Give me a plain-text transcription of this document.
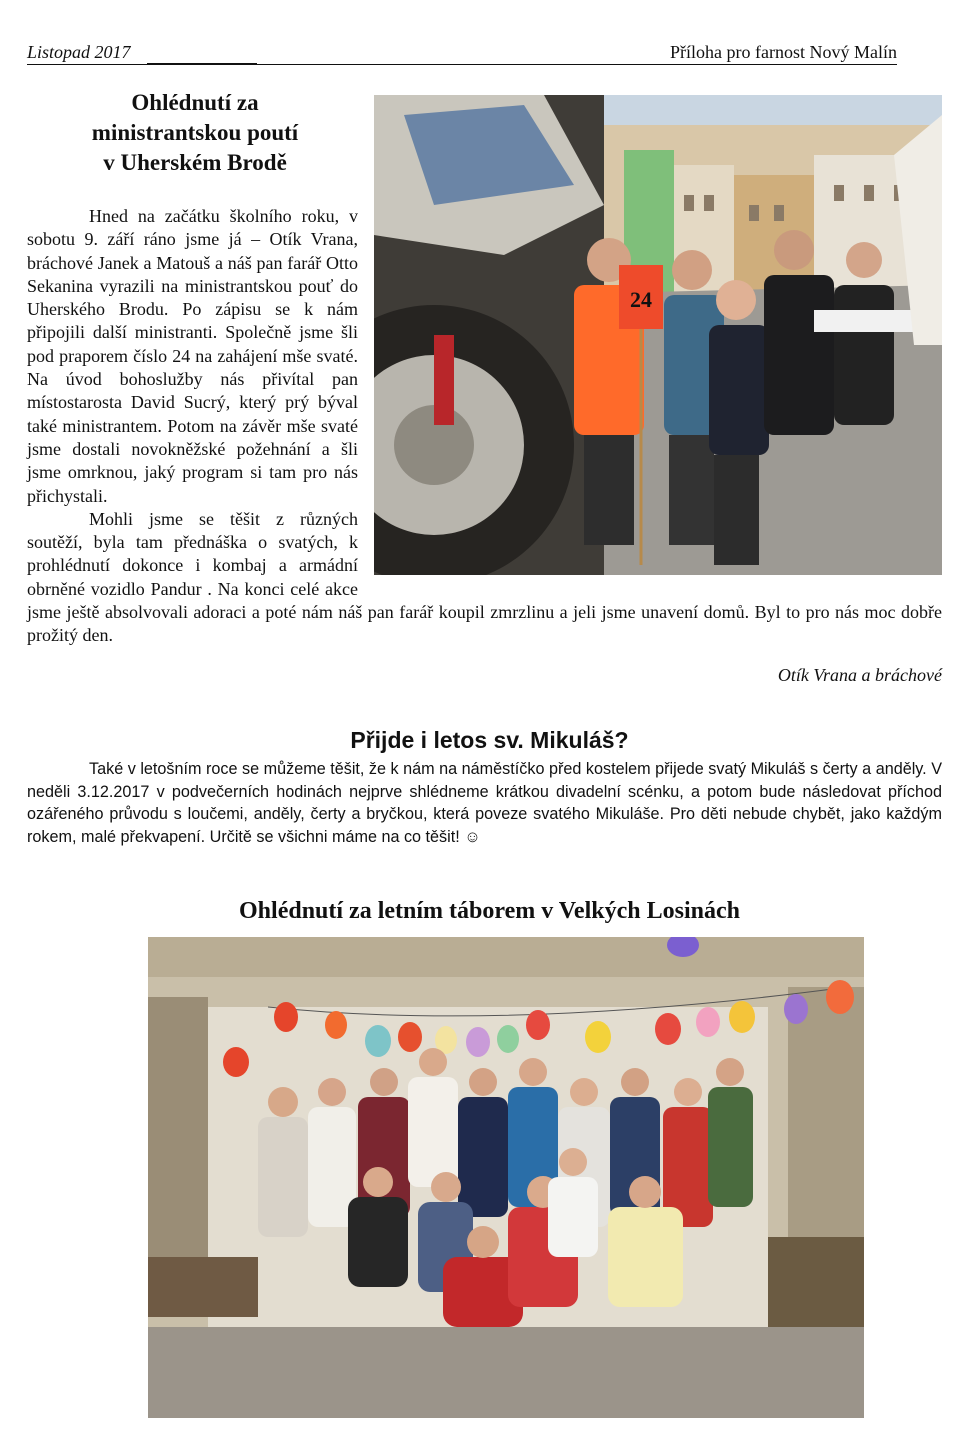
Listopad 2017	Příloha pro farnost Nový Malín
Ohlédnutí za
ministrantskou poutí
v Uherském Brodě
24

Hned na začátku školního roku, v sobotu 9. září ráno jsme já – Otík Vrana, bráchové Janek a Matouš a náš pan farář Otto Sekanina vyrazili na ministrantskou pouť do Uherského Brodu. Po zápisu se k nám připojili další ministranti. Společně jsme šli pod praporem číslo 24 na zahájení mše svaté. Na úvod bohoslužby nás přivítal pan místostarosta David Sucrý, který prý býval také ministrantem. Potom na závěr mše svaté jsme dostali novokněžské požehnání a šli jsme omrknou, jaký program si tam pro nás přichystali.

Mohli jsme se těšit z různých soutěží, byla tam přednáška o svatých, k prohlédnutí dokonce i kombaj a armádní obrněné vozidlo Pandur . Na konci celé akce jsme ještě absolvovali adoraci a poté nám náš pan farář koupil zmrzlinu a jeli jsme unavení domů. Byl to pro nás moc dobře prožitý den.

Otík Vrana a bráchové
Přijde i letos sv. Mikuláš?

Také v letošním roce se můžeme těšit, že k nám na náměstíčko před kostelem přijede svatý Mikuláš s čerty a anděly. V neděli 3.12.2017 v podvečerních hodinách nejprve shlédneme krátkou divadelní scénku, a potom bude následovat příchod ozářeného průvodu s loučemi, anděly, čerty a bryčkou, která poveze svatého Mikuláše. Pro děti nebude chybět, jako každým rokem, malé překvapení. Určitě se všichni máme na co těšit! ☺

Ohlédnutí za letním táborem v Velkých Losinách
